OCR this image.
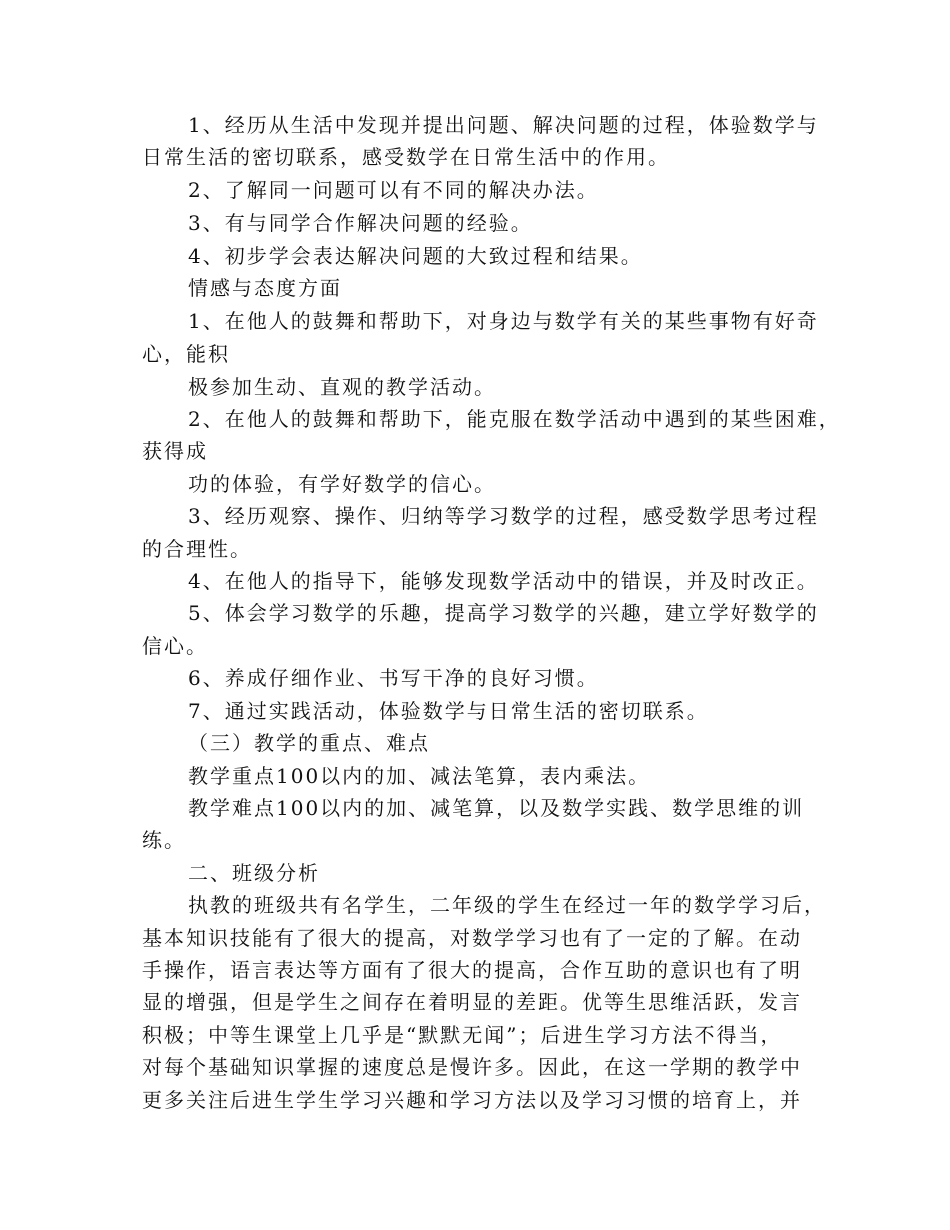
1、经历从生活中发现并提出问题、解决问题的过程，体验数学与
日常生活的密切联系，感受数学在日常生活中的作用。
2、了解同一问题可以有不同的解决办法。
3、有与同学合作解决问题的经验。
4、初步学会表达解决问题的大致过程和结果。
情感与态度方面
1、在他人的鼓舞和帮助下，对身边与数学有关的某些事物有好奇
心，能积
极参加生动、直观的教学活动。
2、在他人的鼓舞和帮助下，能克服在数学活动中遇到的某些困难，
获得成
功的体验，有学好数学的信心。
3、经历观察、操作、归纳等学习数学的过程，感受数学思考过程
的合理性。
4、在他人的指导下，能够发现数学活动中的错误，并及时改正。
5、体会学习数学的乐趣，提高学习数学的兴趣，建立学好数学的
信心。
6、养成仔细作业、书写干净的良好习惯。
7、通过实践活动，体验数学与日常生活的密切联系。
（三）教学的重点、难点
教学重点100以内的加、减法笔算，表内乘法。
教学难点100以内的加、减笔算，以及数学实践、数学思维的训
练。
二、班级分析
执教的班级共有名学生，二年级的学生在经过一年的数学学习后，
基本知识技能有了很大的提高，对数学学习也有了一定的了解。在动
手操作，语言表达等方面有了很大的提高，合作互助的意识也有了明
显的增强，但是学生之间存在着明显的差距。优等生思维活跃，发言
积极；中等生课堂上几乎是“默默无闻”；后进生学习方法不得当，
对每个基础知识掌握的速度总是慢许多。因此，在这一学期的教学中
更多关注后进生学生学习兴趣和学习方法以及学习习惯的培育上，并
